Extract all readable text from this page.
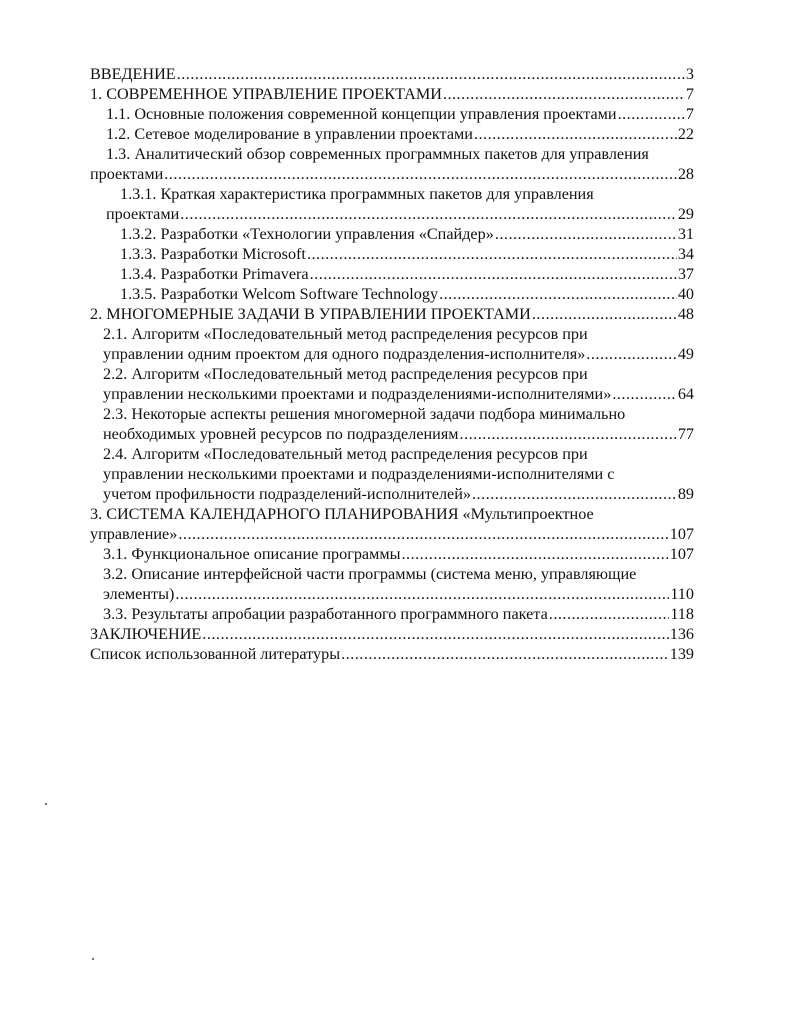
ВВЕДЕНИЕ .....	3
1. СОВРЕМЕННОЕ УПРАВЛЕНИЕ ПРОЕКТАМИ .....	7
1.1. Основные положения современной концепции управления проектами .....	7
1.2. Сетевое моделирование в управлении проектами .....	22
1.3. Аналитический обзор современных программных пакетов для управления
проектами .....	28
1.3.1. Краткая характеристика программных пакетов для управления
проектами .....	29
1.3.2. Разработки «Технологии управления «Спайдер» .....	31
1.3.3. Разработки Microsoft .....	34
1.3.4. Разработки Primavera .....	37
1.3.5. Разработки Welcom Software Technology .....	40
2. МНОГОМЕРНЫЕ ЗАДАЧИ В УПРАВЛЕНИИ ПРОЕКТАМИ .....	48
2.1. Алгоритм «Последовательный метод распределения ресурсов при
управлении одним проектом для одного подразделения-исполнителя» .....	49
2.2. Алгоритм «Последовательный метод распределения ресурсов при
управлении несколькими проектами и подразделениями-исполнителями» .....	64
2.3. Некоторые аспекты решения многомерной задачи подбора минимально
необходимых уровней ресурсов по подразделениям .....	77
2.4. Алгоритм «Последовательный метод распределения ресурсов при
управлении несколькими проектами и подразделениями-исполнителями с
учетом профильности подразделений-исполнителей» .....	89
3. СИСТЕМА КАЛЕНДАРНОГО ПЛАНИРОВАНИЯ «Мультипроектное
управление» .....	107
3.1. Функциональное описание программы .....	107
3.2. Описание интерфейсной части программы (система меню, управляющие
элементы) .....	110
3.3. Результаты апробации разработанного программного пакета .....	118
ЗАКЛЮЧЕНИЕ .....	136
Список использованной литературы .....	139
